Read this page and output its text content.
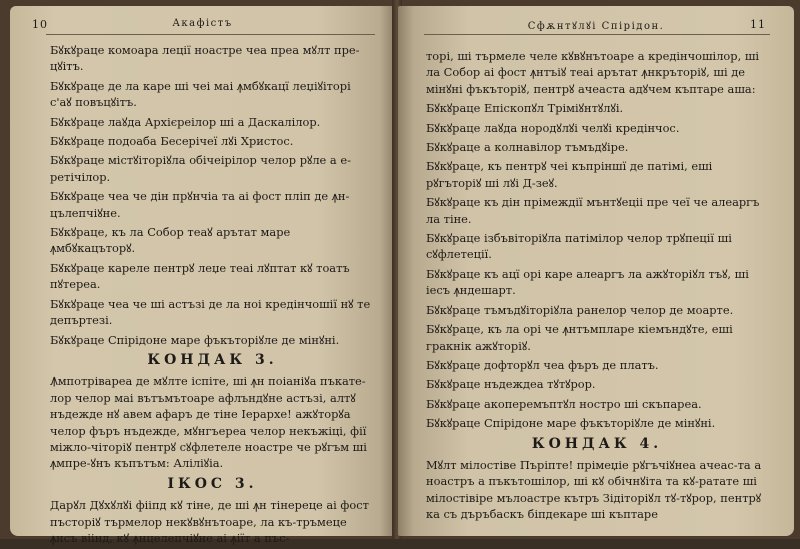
10	Акафістъ

Бꙋкꙋраце комоара леції ноастре чеа преа мꙋлт пре-цꙋітъ.

Бꙋкꙋраце де ла каре ші чеі маі ꙟмбꙋкацї леџіꙋіторі с'аꙋ повъцꙋітъ.

Бꙋкꙋраце лаꙋда Архієреілор ші а Даскалілор.

Бꙋкꙋраце подоаба Бесерічеї лꙋі Христос.

Бꙋкꙋраце містꙋіторіꙋла обічеірілор челор рꙋле а е-ретічілор.

Бꙋкꙋраце чеа че дін прꙋнчіа та аі фост пліп де ꙟн-цълепчіꙋне.

Бꙋкꙋраце, къ ла Собор теаꙋ арътат маре ꙟмбꙋкацъторꙋ.

Бꙋкꙋраце кареле пентрꙋ леџе теаі лꙋптат кꙋ тоатъ пꙋтереа.

Бꙋкꙋраце чеа че ші астъзі де ла ноі кредінчошії нꙋ те депъртезі.

Бꙋкꙋраце Спірідоне маре фъкъторіꙋле де мінꙋні.

КОНДАК 3.

Ꙟмпотрівареа де мꙋлте іспіте, ші ꙟн поіаніꙋа пъкате-лор челор маі вътъмътоаре афлъндꙋне астъзі, алтꙋ нъдежде нꙋ авем афаръ де тіне Іерархе! ажꙋторꙋа челор фъръ нъдежде, мꙋнгъереа челор некъжіці, фії міжло-чіторіꙋ пентрꙋ сꙋфлетеле ноастре че рꙋгъм ші ꙟмпре-ꙋнъ къпътъм: Аліліꙋіа.

ІКОС 3.

Дарꙋл Дꙋхꙋлꙋі фііпд кꙋ тіне, де ші ꙟн тінереце аі фост пъсторіꙋ търмелор некꙋвꙋнътоаре, ла къ-тръмеце ꙟнсъ віінд, кꙋ ꙟнцелепчіꙋне аі ꙟіїт а пъс-

Сфѫнтꙋлꙋі Спірідон.	11

торі, ші търмеле челе кꙋвꙋнътоаре а кредінчошілор, ші ла Собор аі фост ꙟнтъіꙋ теаі арътат ꙟнкръторіꙋ, ші де мінꙋні фъкъторіꙋ, пентрꙋ ачеаста адꙋчем къптаре аша:

Бꙋкꙋраце Епіскопꙋл Тріміꙋнтꙋлꙋі.

Бꙋкꙋраце лаꙋда нородꙋлꙋі челꙋі кредінчос.

Бꙋкꙋраце а колнавілор тъмъдꙋіре.

Бꙋкꙋраце, къ пентрꙋ чеі къпріншї де патімі, еші рꙋгъторіꙋ ші лꙋі Д-зеꙋ.

Бꙋкꙋраце къ дін прімеждії мънтꙋеціі пре чеї че алеаргъ ла тіне.

Бꙋкꙋраце ізбъвіторіꙋла патімілор челор трꙋпеції ші сꙋфлетеції.

Бꙋкꙋраце къ ацї орі каре алеаргъ ла ажꙋторіꙋл тъꙋ, ші іесъ ꙟндешарт.

Бꙋкꙋраце тъмъдꙋіторіꙋла ранелор челор де моарте.

Бꙋкꙋраце, къ ла орі че ꙟнтъмпларе кіемъндꙋте, еші гракнік ажꙋторіꙋ.

Бꙋкꙋраце дофторꙋл чеа фъръ де платъ.

Бꙋкꙋраце нъдеждеа тꙋтꙋрор.

Бꙋкꙋраце акоперемъптꙋл ностро ші скъпареа.

Бꙋкꙋраце Спірідоне маре фъкъторіꙋле де мінꙋні.

КОНДАК 4.

Мꙋлт мілостіве Пъріпте! прімеџіе рꙋгъчіꙋнеа ачеас-та а ноастръ а пъкътошілор, ші кꙋ обічнꙋіта та кꙋ-ратате ші мілостівіре мълоастре кътръ Зідіторіꙋл тꙋ-тꙋрор, пентрꙋ ка съ дъръбаскъ біпдекаре ші къптаре
